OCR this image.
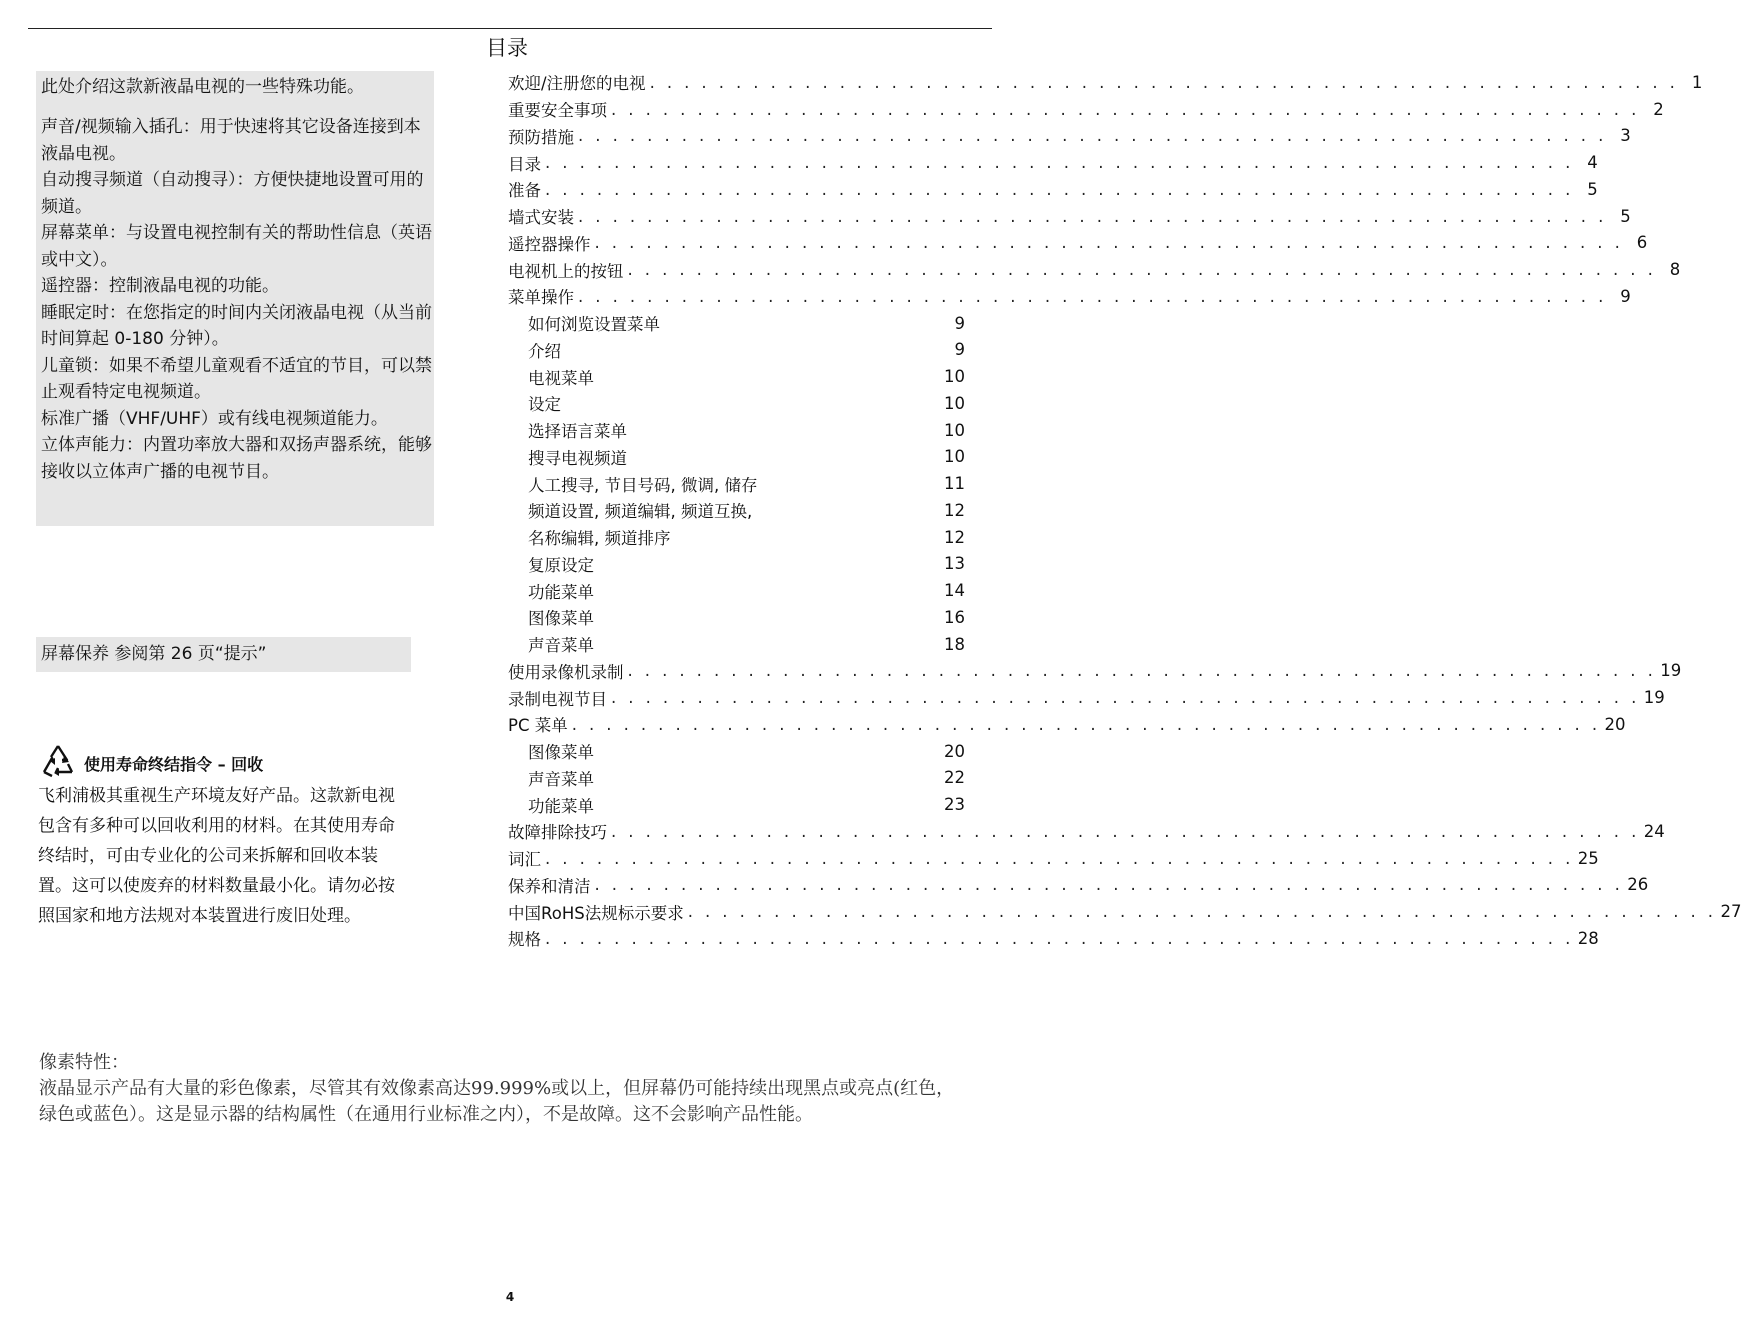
目录

此处介绍这款新液晶电视的一些特殊功能。

声音/视频输入插孔：用于快速将其它设备连接到本液晶电视。
自动搜寻频道（自动搜寻）：方便快捷地设置可用的频道。
屏幕菜单：与设置电视控制有关的帮助性信息（英语或中文）。
遥控器：控制液晶电视的功能。
睡眠定时：在您指定的时间内关闭液晶电视（从当前时间算起 0-180 分钟）。
儿童锁：如果不希望儿童观看不适宜的节目，可以禁止观看特定电视频道。
标准广播（VHF/UHF）或有线电视频道能力。
立体声能力：内置功率放大器和双扬声器系统，能够接收以立体声广播的电视节目。
屏幕保养 参阅第 26 页“提示”
使用寿命终结指令 – 回收

飞利浦极其重视生产环境友好产品。这款新电视包含有多种可以回收利用的材料。在其使用寿命终结时，可由专业化的公司来拆解和回收本装置。这可以使废弃的材料数量最小化。请勿必按照国家和地方法规对本装置进行废旧处理。

欢迎/注册您的电视 . . . . . . . . . . . . . . . . . . . . . . . . . . . . . . . . . . . . . . . . . . . . . . . . . . . . . . . . . . . . 1
重要安全事项 . . . . . . . . . . . . . . . . . . . . . . . . . . . . . . . . . . . . . . . . . . . . . . . . . . . . . . . . . . . . 2
预防措施 . . . . . . . . . . . . . . . . . . . . . . . . . . . . . . . . . . . . . . . . . . . . . . . . . . . . . . . . . . . . 3
目录 . . . . . . . . . . . . . . . . . . . . . . . . . . . . . . . . . . . . . . . . . . . . . . . . . . . . . . . . . . . . 4
准备 . . . . . . . . . . . . . . . . . . . . . . . . . . . . . . . . . . . . . . . . . . . . . . . . . . . . . . . . . . . . 5
墙式安装 . . . . . . . . . . . . . . . . . . . . . . . . . . . . . . . . . . . . . . . . . . . . . . . . . . . . . . . . . . . . 5
遥控器操作 . . . . . . . . . . . . . . . . . . . . . . . . . . . . . . . . . . . . . . . . . . . . . . . . . . . . . . . . . . . . 6
电视机上的按钮 . . . . . . . . . . . . . . . . . . . . . . . . . . . . . . . . . . . . . . . . . . . . . . . . . . . . . . . . . . . . 8
菜单操作 . . . . . . . . . . . . . . . . . . . . . . . . . . . . . . . . . . . . . . . . . . . . . . . . . . . . . . . . . . . . 9
如何浏览设置菜单	9
介绍	9
电视菜单	10
设定	10
选择语言菜单	10
搜寻电视频道	10
人工搜寻, 节目号码, 微调, 储存	11
频道设置, 频道编辑, 频道互换,	12
名称编辑, 频道排序	12
复原设定	13
功能菜单	14
图像菜单	16
声音菜单	18
使用录像机录制 . . . . . . . . . . . . . . . . . . . . . . . . . . . . . . . . . . . . . . . . . . . . . . . . . . . . . . . . . . . . 19
录制电视节目 . . . . . . . . . . . . . . . . . . . . . . . . . . . . . . . . . . . . . . . . . . . . . . . . . . . . . . . . . . . . 19
PC 菜单 . . . . . . . . . . . . . . . . . . . . . . . . . . . . . . . . . . . . . . . . . . . . . . . . . . . . . . . . . . . . 20
图像菜单	20
声音菜单	22
功能菜单	23
故障排除技巧 . . . . . . . . . . . . . . . . . . . . . . . . . . . . . . . . . . . . . . . . . . . . . . . . . . . . . . . . . . . . 24
词汇 . . . . . . . . . . . . . . . . . . . . . . . . . . . . . . . . . . . . . . . . . . . . . . . . . . . . . . . . . . . . 25
保养和清洁 . . . . . . . . . . . . . . . . . . . . . . . . . . . . . . . . . . . . . . . . . . . . . . . . . . . . . . . . . . . . 26
中国RoHS法规标示要求 . . . . . . . . . . . . . . . . . . . . . . . . . . . . . . . . . . . . . . . . . . . . . . . . . . . . . . . . . . . . 27
规格 . . . . . . . . . . . . . . . . . . . . . . . . . . . . . . . . . . . . . . . . . . . . . . . . . . . . . . . . . . . . 28

像素特性：

液晶显示产品有大量的彩色像素，尽管其有效像素高达99.999%或以上，但屏幕仍可能持续出现黑点或亮点(红色，绿色或蓝色）。这是显示器的结构属性（在通用行业标准之内），不是故障。这不会影响产品性能。

4
